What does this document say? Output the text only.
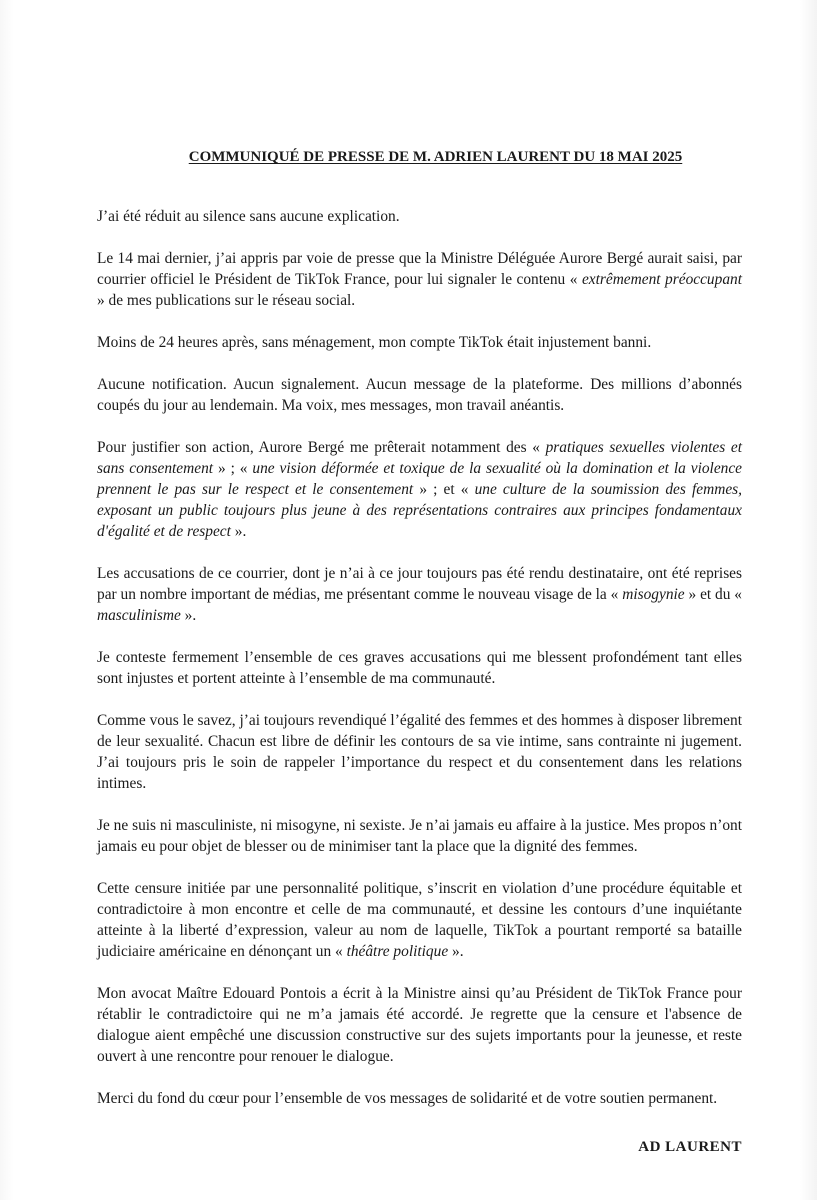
COMMUNIQUÉ DE PRESSE DE M. ADRIEN LAURENT DU 18 MAI 2025

J’ai été réduit au silence sans aucune explication.

Le 14 mai dernier, j’ai appris par voie de presse que la Ministre Déléguée Aurore Bergé aurait saisi, par courrier officiel le Président de TikTok France, pour lui signaler le contenu « extrêmement préoccupant » de mes publications sur le réseau social.

Moins de 24 heures après, sans ménagement, mon compte TikTok était injustement banni.

Aucune notification. Aucun signalement. Aucun message de la plateforme. Des millions d’abonnés coupés du jour au lendemain. Ma voix, mes messages, mon travail anéantis.

Pour justifier son action, Aurore Bergé me prêterait notamment des « pratiques sexuelles violentes et sans consentement » ; « une vision déformée et toxique de la sexualité où la domination et la violence prennent le pas sur le respect et le consentement » ; et « une culture de la soumission des femmes, exposant un public toujours plus jeune à des représentations contraires aux principes fondamentaux d'égalité et de respect ».

Les accusations de ce courrier, dont je n’ai à ce jour toujours pas été rendu destinataire, ont été reprises par un nombre important de médias, me présentant comme le nouveau visage de la « misogynie » et du « masculinisme ».

Je conteste fermement l’ensemble de ces graves accusations qui me blessent profondément tant elles sont injustes et portent atteinte à l’ensemble de ma communauté.

Comme vous le savez, j’ai toujours revendiqué l’égalité des femmes et des hommes à disposer librement de leur sexualité. Chacun est libre de définir les contours de sa vie intime, sans contrainte ni jugement. J’ai toujours pris le soin de rappeler l’importance du respect et du consentement dans les relations intimes.

Je ne suis ni masculiniste, ni misogyne, ni sexiste. Je n’ai jamais eu affaire à la justice. Mes propos n’ont jamais eu pour objet de blesser ou de minimiser tant la place que la dignité des femmes.

Cette censure initiée par une personnalité politique, s’inscrit en violation d’une procédure équitable et contradictoire à mon encontre et celle de ma communauté, et dessine les contours d’une inquiétante atteinte à la liberté d’expression, valeur au nom de laquelle, TikTok a pourtant remporté sa bataille judiciaire américaine en dénonçant un « théâtre politique ».

Mon avocat Maître Edouard Pontois a écrit à la Ministre ainsi qu’au Président de TikTok France pour rétablir le contradictoire qui ne m’a jamais été accordé. Je regrette que la censure et l'absence de dialogue aient empêché une discussion constructive sur des sujets importants pour la jeunesse, et reste ouvert à une rencontre pour renouer le dialogue.

Merci du fond du cœur pour l’ensemble de vos messages de solidarité et de votre soutien permanent.

AD LAURENT
